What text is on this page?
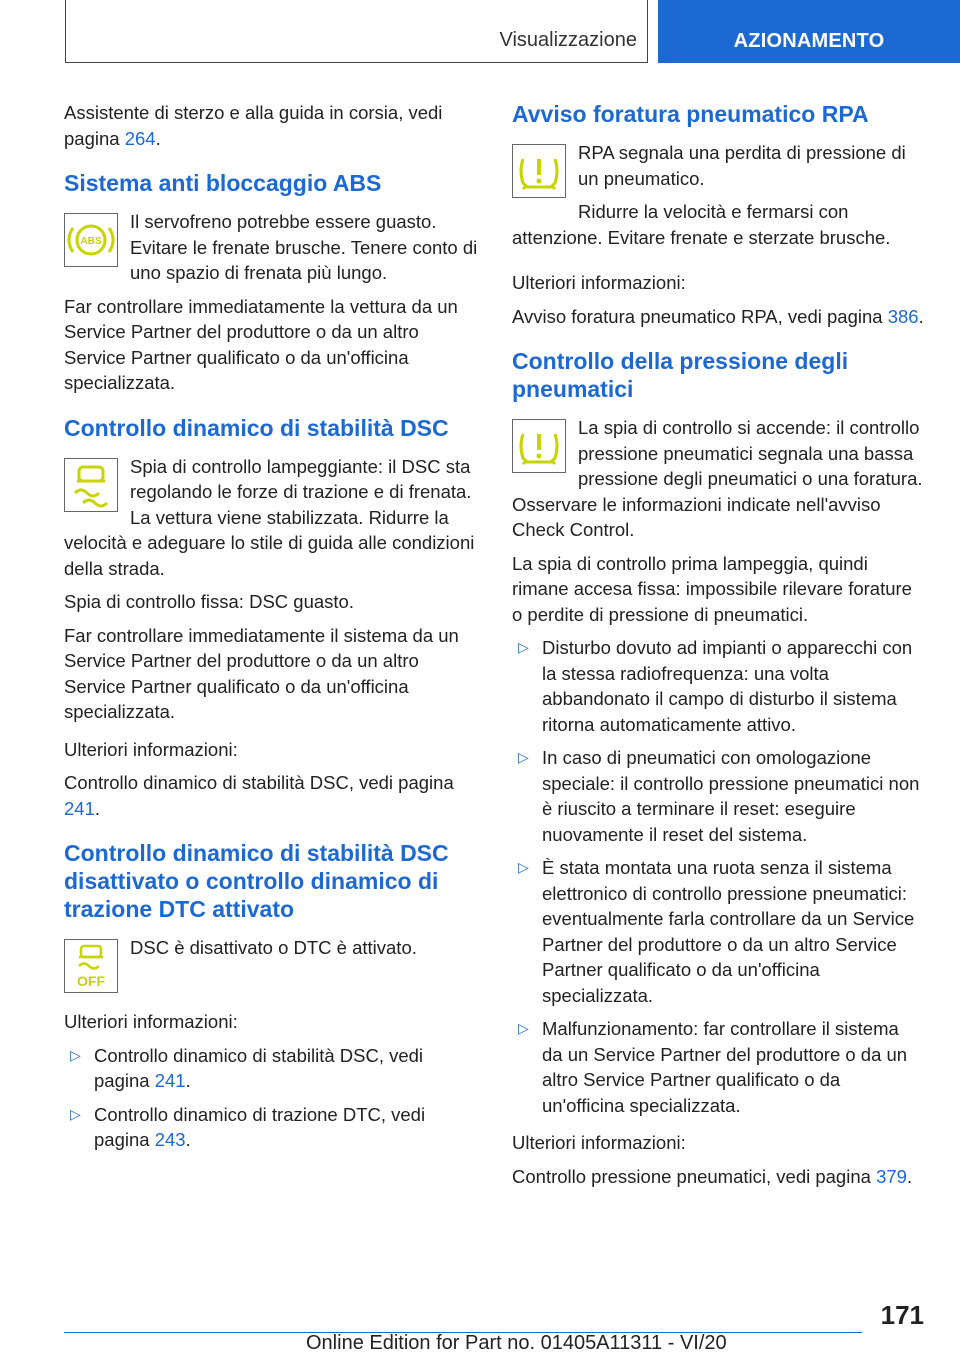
Visualizzazione	AZIONAMENTO

Assistente di sterzo e alla guida in corsia, vedi pagina 264.

Sistema anti bloccaggio ABS
ABS

Il servofreno potrebbe essere guasto. Evitare le frenate brusche. Tenere conto di uno spazio di frenata più lungo.

Far controllare immediatamente la vettura da un Service Partner del produttore o da un altro Service Partner qualificato o da un'officina specializzata.

Controllo dinamico di stabilità DSC

Spia di controllo lampeggiante: il DSC sta regolando le forze di trazione e di frenata. La vettura viene stabilizzata. Ridurre la velocità e adeguare lo stile di guida alle condizioni della strada.

Spia di controllo fissa: DSC guasto.

Far controllare immediatamente il sistema da un Service Partner del produttore o da un altro Service Partner qualificato o da un'officina specializzata.

Ulteriori informazioni:

Controllo dinamico di stabilità DSC, vedi pagina 241.

Controllo dinamico di stabilità DSC disattivato o controllo dinamico di trazione DTC attivato
OFF

DSC è disattivato o DTC è attivato.

Ulteriori informazioni:

▷ Controllo dinamico di stabilità DSC, vedi pagina 241.
▷ Controllo dinamico di trazione DTC, vedi pagina 243.
Avviso foratura pneumatico RPA

RPA segnala una perdita di pressione di un pneumatico.

Ridurre la velocità e fermarsi con attenzione. Evitare frenate e sterzate brusche.

Ulteriori informazioni:

Avviso foratura pneumatico RPA, vedi pagina 386.

Controllo della pressione degli pneumatici

La spia di controllo si accende: il controllo pressione pneumatici segnala una bassa pressione degli pneumatici o una foratura. Osservare le informazioni indicate nell'avviso Check Control.

La spia di controllo prima lampeggia, quindi rimane accesa fissa: impossibile rilevare forature o perdite di pressione di pneumatici.

▷ Disturbo dovuto ad impianti o apparecchi con la stessa radiofrequenza: una volta abbandonato il campo di disturbo il sistema ritorna automaticamente attivo.
▷ In caso di pneumatici con omologazione speciale: il controllo pressione pneumatici non è riuscito a terminare il reset: eseguire nuovamente il reset del sistema.
▷ È stata montata una ruota senza il sistema elettronico di controllo pressione pneumatici: eventualmente farla controllare da un Service Partner del produttore o da un altro Service Partner qualificato o da un'officina specializzata.
▷ Malfunzionamento: far controllare il sistema da un Service Partner del produttore o da un altro Service Partner qualificato o da un'officina specializzata.

Ulteriori informazioni:

Controllo pressione pneumatici, vedi pagina 379.

171
Online Edition for Part no. 01405A11311 - VI/20
